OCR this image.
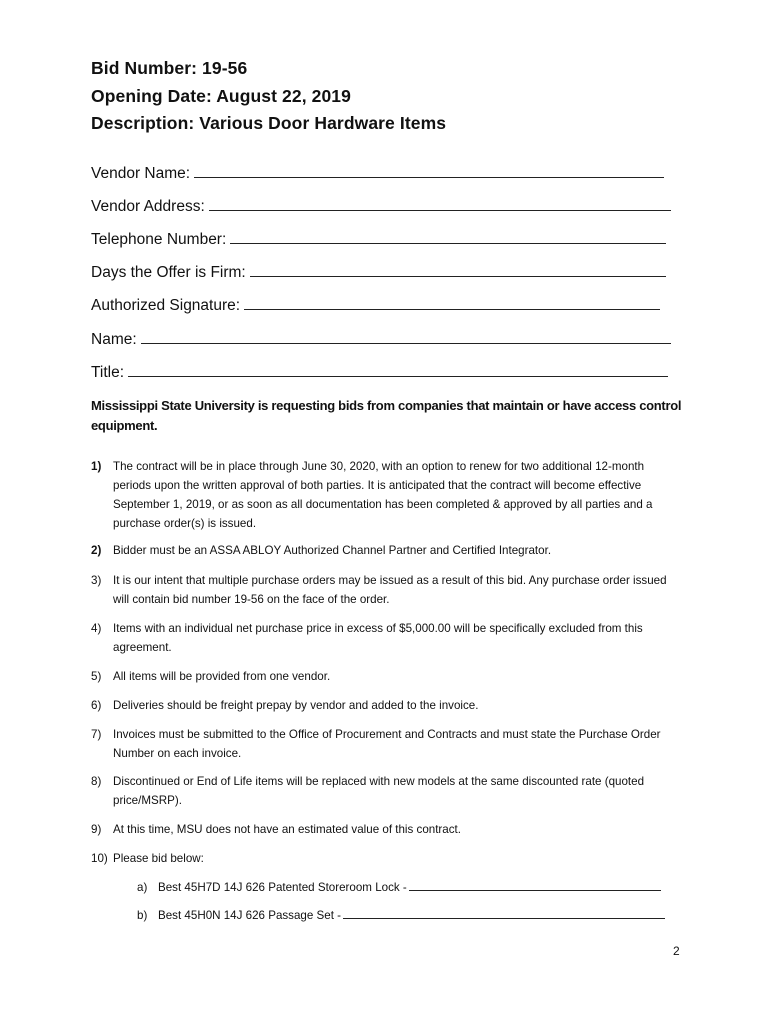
Bid Number: 19-56
Opening Date: August 22, 2019
Description: Various Door Hardware Items
Vendor Name:
Vendor Address:
Telephone Number:
Days the Offer is Firm:
Authorized Signature:
Name:
Title:
Mississippi State University is requesting bids from companies that maintain or have access control equipment.
1)	The contract will be in place through June 30, 2020, with an option to renew for two additional 12-month periods upon the written approval of both parties. It is anticipated that the contract will become effective September 1, 2019, or as soon as all documentation has been completed & approved by all parties and a purchase order(s) is issued.
2)	Bidder must be an ASSA ABLOY Authorized Channel Partner and Certified Integrator.
3)	It is our intent that multiple purchase orders may be issued as a result of this bid. Any purchase order issued will contain bid number 19-56 on the face of the order.
4)	Items with an individual net purchase price in excess of $5,000.00 will be specifically excluded from this agreement.
5)	All items will be provided from one vendor.
6)	Deliveries should be freight prepay by vendor and added to the invoice.
7)	Invoices must be submitted to the Office of Procurement and Contracts and must state the Purchase Order Number on each invoice.
8)	Discontinued or End of Life items will be replaced with new models at the same discounted rate (quoted price/MSRP).
9)	At this time, MSU does not have an estimated value of this contract.
10) Please bid below:
a) Best 45H7D 14J 626 Patented Storeroom Lock -
b) Best 45H0N 14J 626 Passage Set -
2
